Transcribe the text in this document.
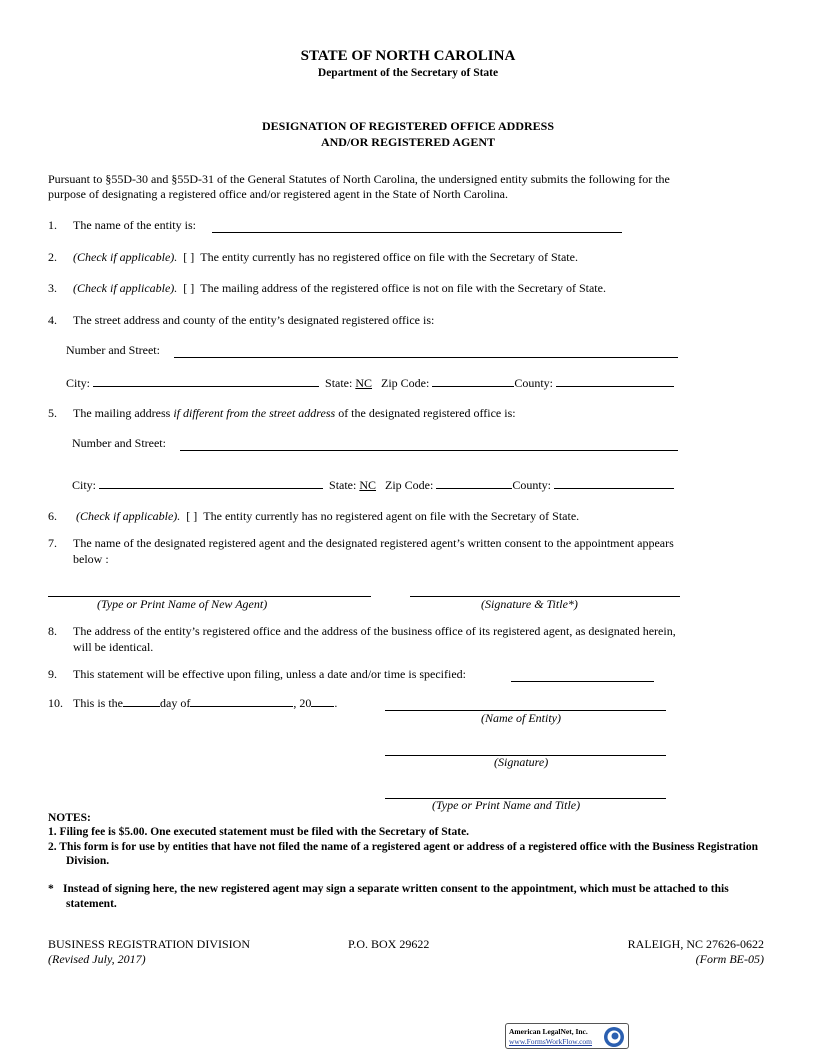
STATE OF NORTH CAROLINA
Department of the Secretary of State
DESIGNATION OF REGISTERED OFFICE ADDRESS
AND/OR REGISTERED AGENT
Pursuant to §55D-30 and §55D-31 of the General Statutes of North Carolina, the undersigned entity submits the following for the
purpose of designating a registered office and/or registered agent in the State of North Carolina.
1. The name of the entity is:
2. (Check if applicable). [ ] The entity currently has no registered office on file with the Secretary of State.
3. (Check if applicable). [ ] The mailing address of the registered office is not on file with the Secretary of State.
4. The street address and county of the entity’s designated registered office is:
Number and Street:
City:	State: NC Zip Code:	County:
5. The mailing address if different from the street address of the designated registered office is:
Number and Street:
City:	State: NC Zip Code:	County:
6. (Check if applicable). [ ] The entity currently has no registered agent on file with the Secretary of State.
7. The name of the designated registered agent and the designated registered agent’s written consent to the appointment appears
below :
(Type or Print Name of New Agent)	(Signature & Title*)
8. The address of the entity’s registered office and the address of the business office of its registered agent, as designated herein,
will be identical.
9. This statement will be effective upon filing, unless a date and/or time is specified:
10. This is the	day of	, 20 .
(Name of Entity)
(Signature)
(Type or Print Name and Title)
NOTES:
1. Filing fee is $5.00. One executed statement must be filed with the Secretary of State.
2. This form is for use by entities that have not filed the name of a registered agent or address of a registered office with the Business Registration
Division.
* Instead of signing here, the new registered agent may sign a separate written consent to the appointment, which must be attached to this
statement.
BUSINESS REGISTRATION DIVISION
(Revised July, 2017)
P.O. BOX 29622	RALEIGH, NC 27626-0622
(Form BE-05)
American LegalNet, Inc.
www.FormsWorkFlow.com
